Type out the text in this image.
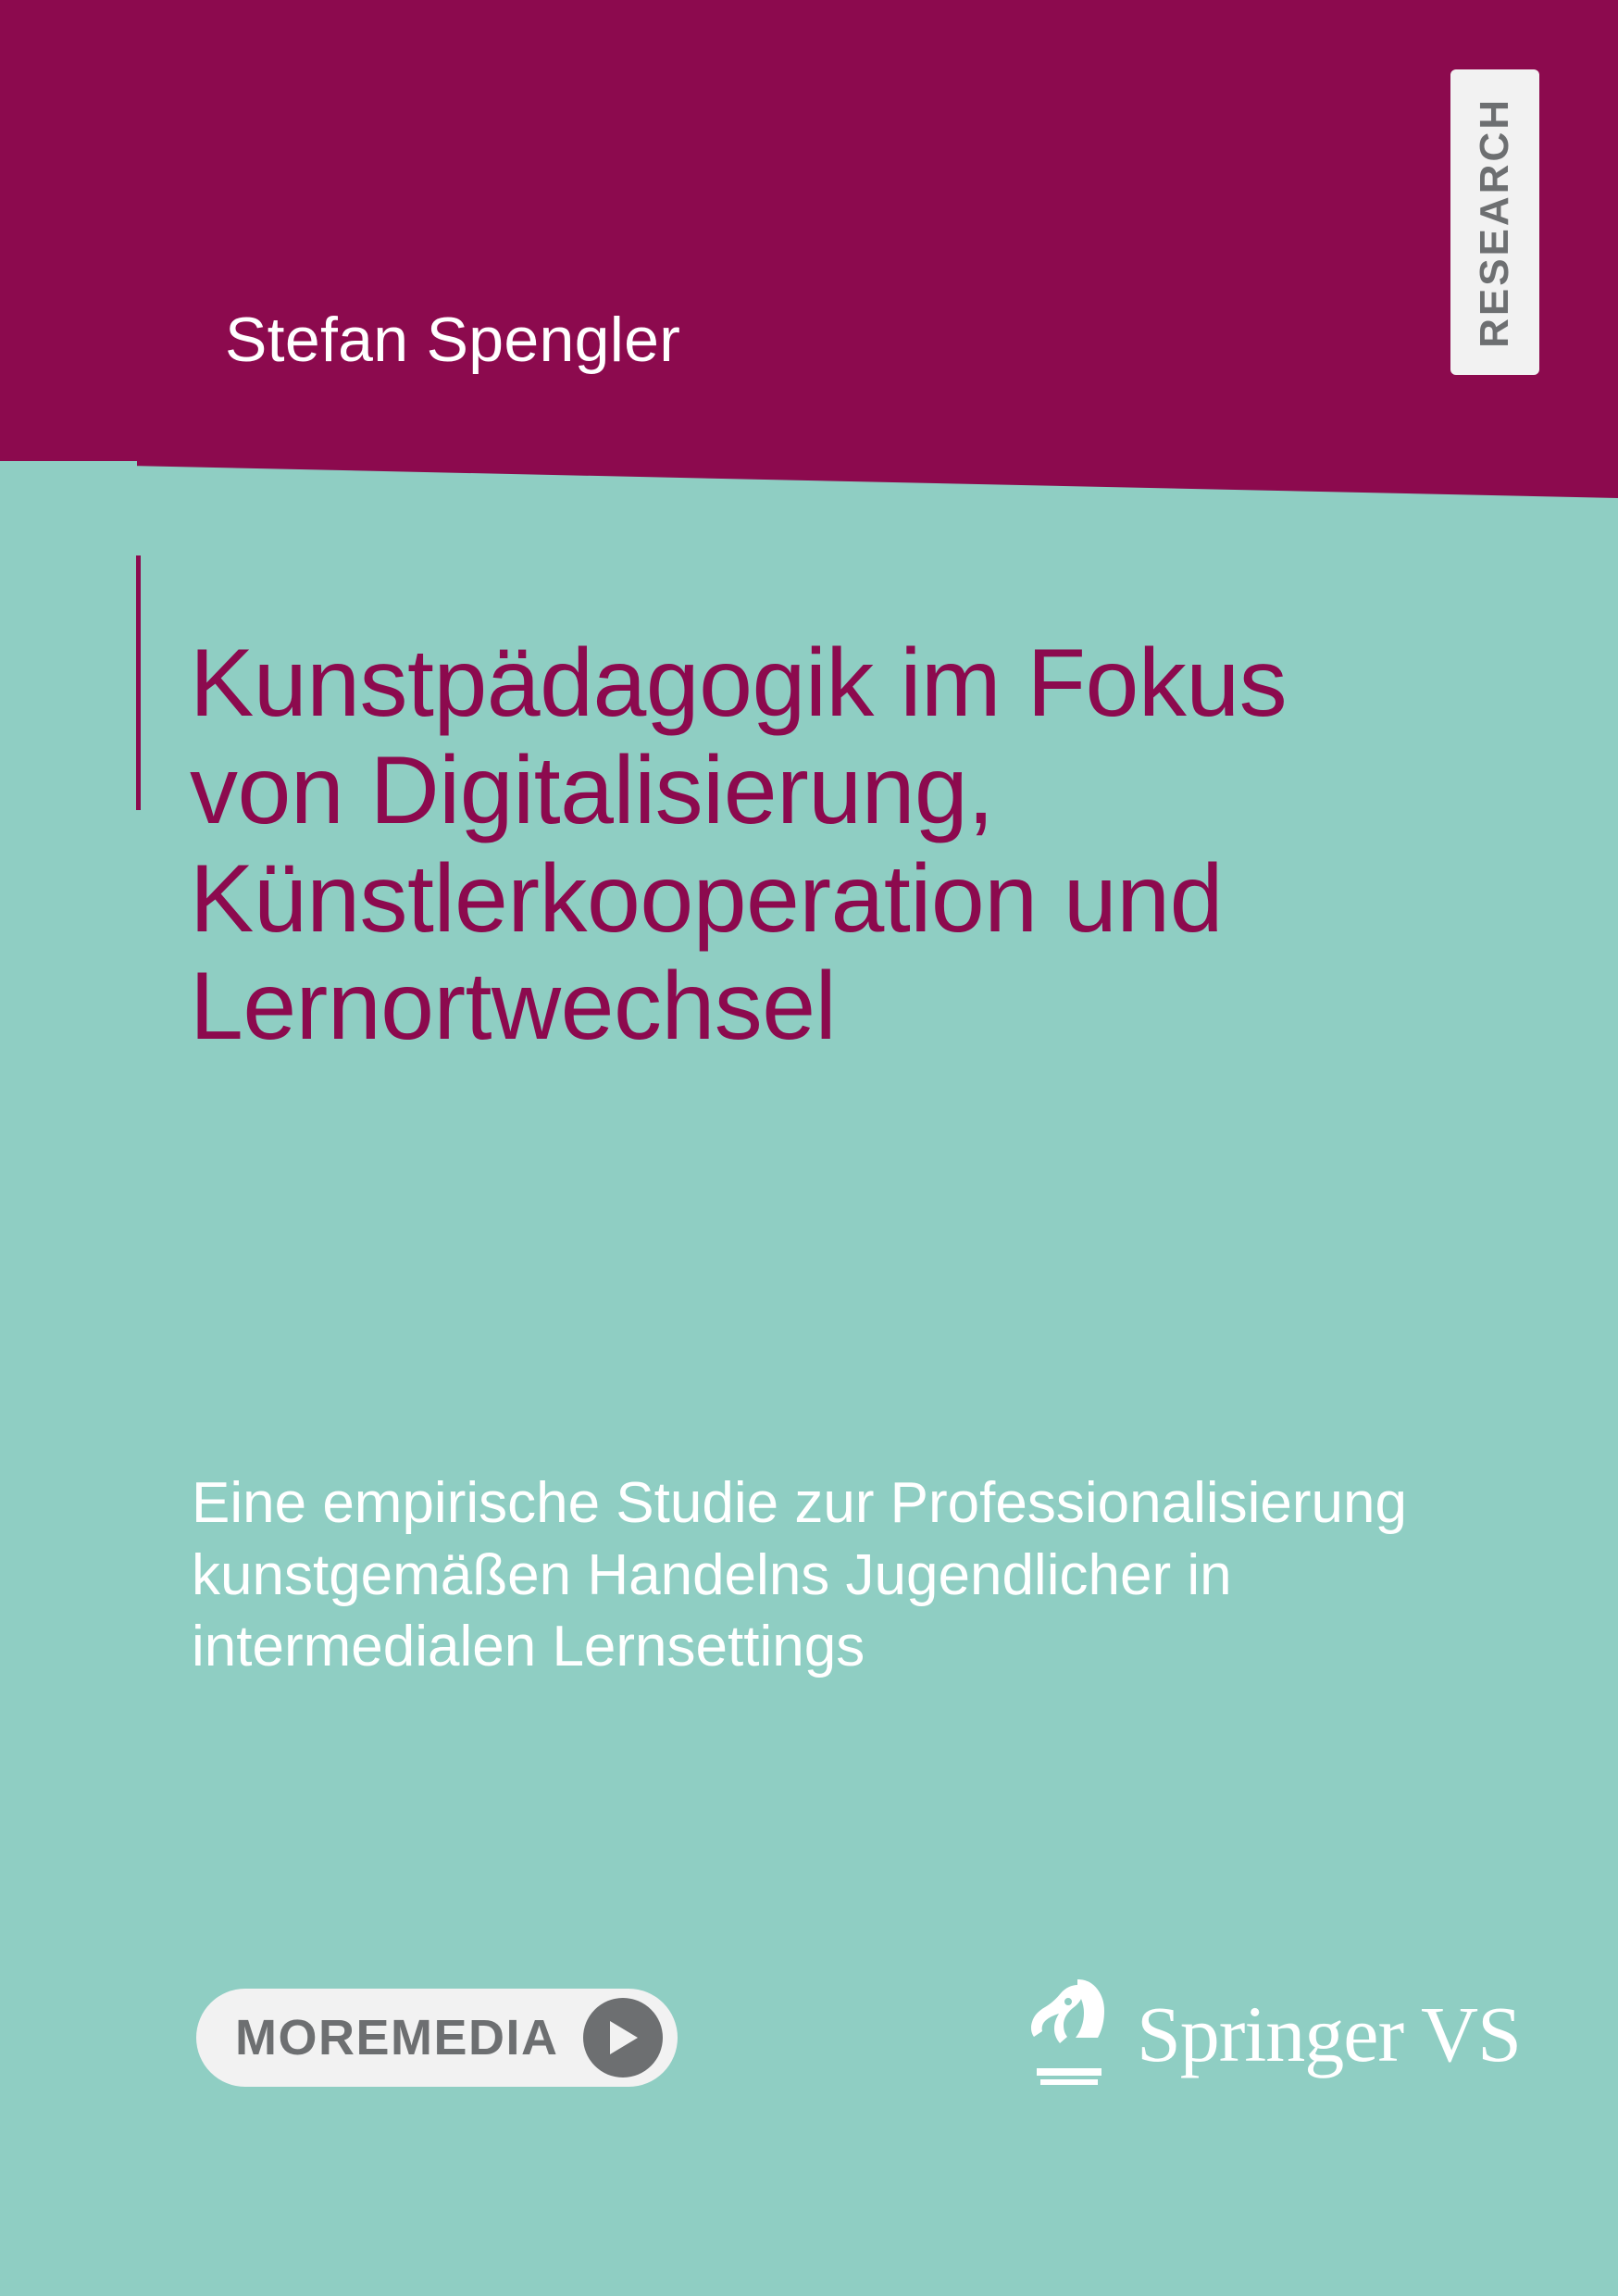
Stefan Spengler	RESEARCH
Kunstpädagogik im Fokus von Digitalisierung, Künstlerkooperation und Lernortwechsel
Eine empirische Studie zur Professionalisierung kunstgemäßen Handelns Jugendlicher in intermedialen Lernsettings
MOREMEDIA	Springer VS
